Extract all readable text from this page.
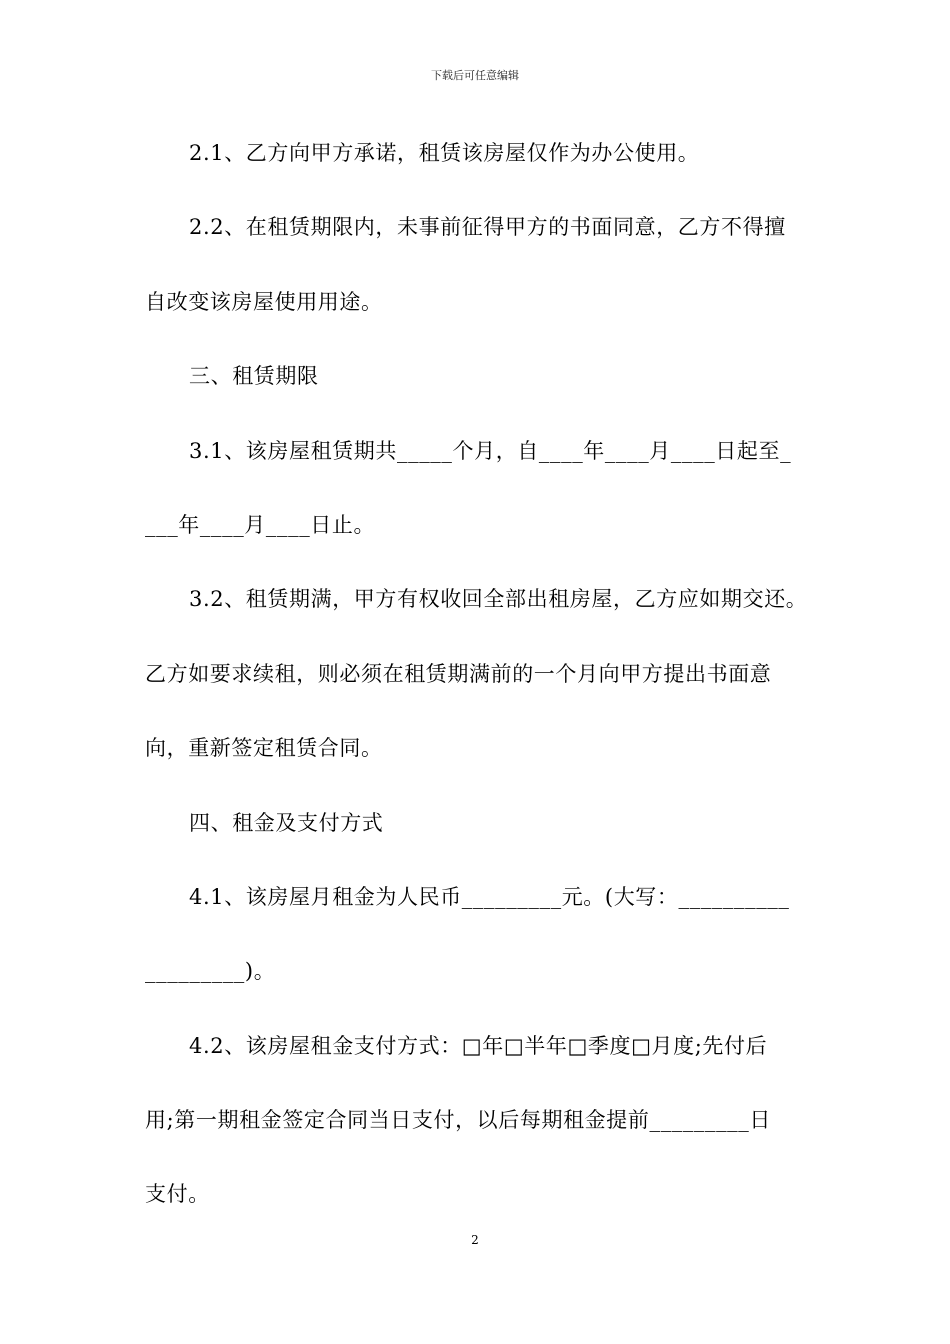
下载后可任意编辑
2.1、乙方向甲方承诺，租赁该房屋仅作为办公使用。
2.2、在租赁期限内，未事前征得甲方的书面同意，乙方不得擅
自改变该房屋使用用途。
三、租赁期限
3.1、该房屋租赁期共_____个月，自____年____月____日起至_
___年____月____日止。
3.2、租赁期满，甲方有权收回全部出租房屋，乙方应如期交还。
乙方如要求续租，则必须在租赁期满前的一个月向甲方提出书面意
向，重新签定租赁合同。
四、租金及支付方式
4.1、该房屋月租金为人民币_________元。(大写：__________
_________)。
4.2、该房屋租金支付方式：□年□半年□季度□月度;先付后
用;第一期租金签定合同当日支付，以后每期租金提前_________日
支付。
2
